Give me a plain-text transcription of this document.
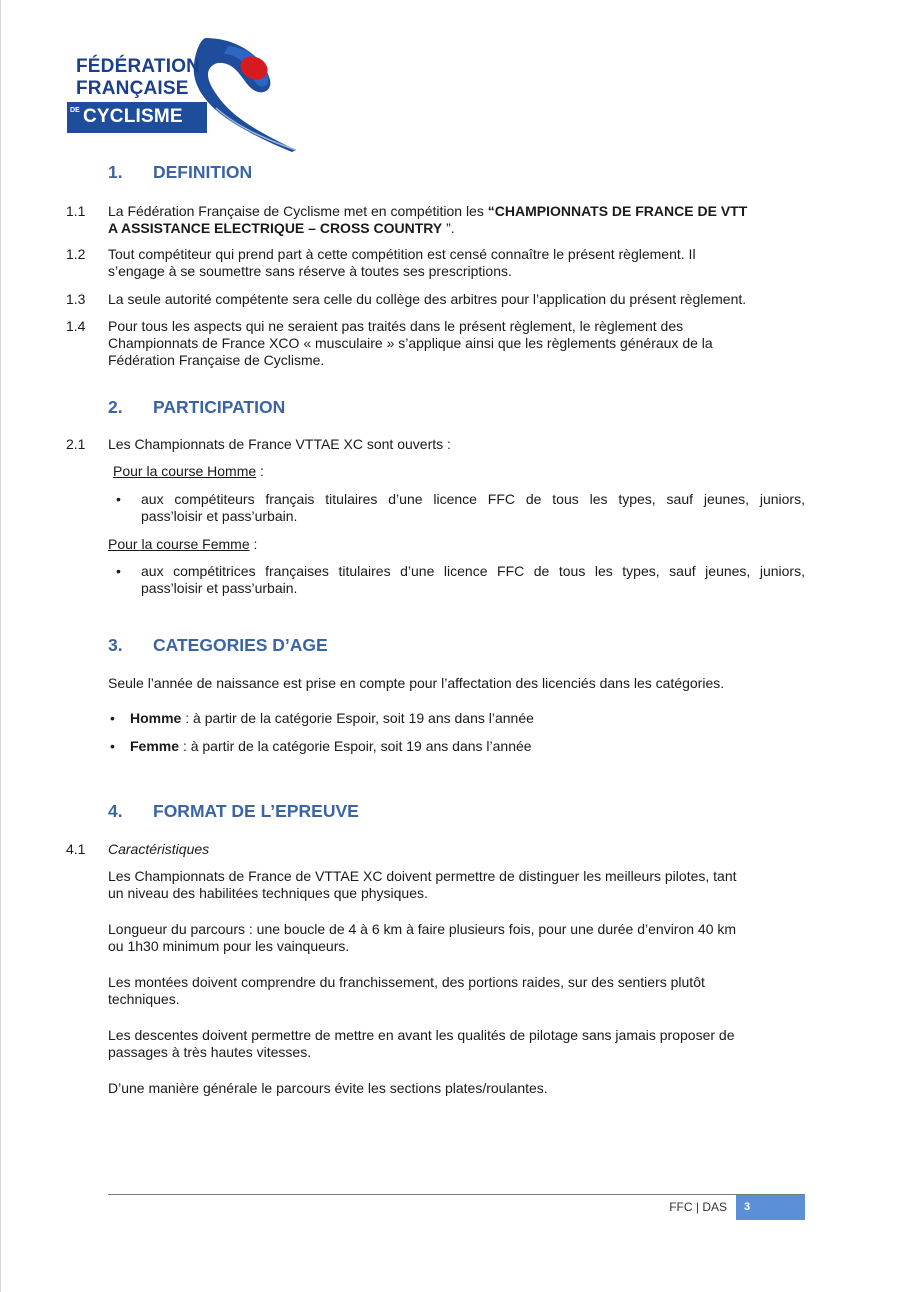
FÉDÉRATION
FRANÇAISE
DE CYCLISME
1. DEFINITION
1.1 La Fédération Française de Cyclisme met en compétition les “CHAMPIONNATS DE FRANCE DE VTT
A ASSISTANCE ELECTRIQUE – CROSS COUNTRY ”.
1.2 Tout compétiteur qui prend part à cette compétition est censé connaître le présent règlement. Il
s’engage à se soumettre sans réserve à toutes ses prescriptions.
1.3 La seule autorité compétente sera celle du collège des arbitres pour l’application du présent règlement.
1.4 Pour tous les aspects qui ne seraient pas traités dans le présent règlement, le règlement des
Championnats de France XCO « musculaire » s’applique ainsi que les règlements généraux de la
Fédération Française de Cyclisme.
2. PARTICIPATION
2.1 Les Championnats de France VTTAE XC sont ouverts :
Pour la course Homme :
• aux compétiteurs français titulaires d’une licence FFC de tous les types, sauf jeunes, juniors,
pass’loisir et pass’urbain.
Pour la course Femme :
• aux compétitrices françaises titulaires d’une licence FFC de tous les types, sauf jeunes, juniors,
pass’loisir et pass’urbain.
3. CATEGORIES D’AGE
Seule l’année de naissance est prise en compte pour l’affectation des licenciés dans les catégories.
• Homme : à partir de la catégorie Espoir, soit 19 ans dans l’année
• Femme : à partir de la catégorie Espoir, soit 19 ans dans l’année
4. FORMAT DE L’EPREUVE
4.1 Caractéristiques
Les Championnats de France de VTTAE XC doivent permettre de distinguer les meilleurs pilotes, tant
un niveau des habilitées techniques que physiques.
Longueur du parcours : une boucle de 4 à 6 km à faire plusieurs fois, pour une durée d’environ 40 km
ou 1h30 minimum pour les vainqueurs.
Les montées doivent comprendre du franchissement, des portions raides, sur des sentiers plutôt
techniques.
Les descentes doivent permettre de mettre en avant les qualités de pilotage sans jamais proposer de
passages à très hautes vitesses.
D’une manière générale le parcours évite les sections plates/roulantes.
FFC | DAS 3
